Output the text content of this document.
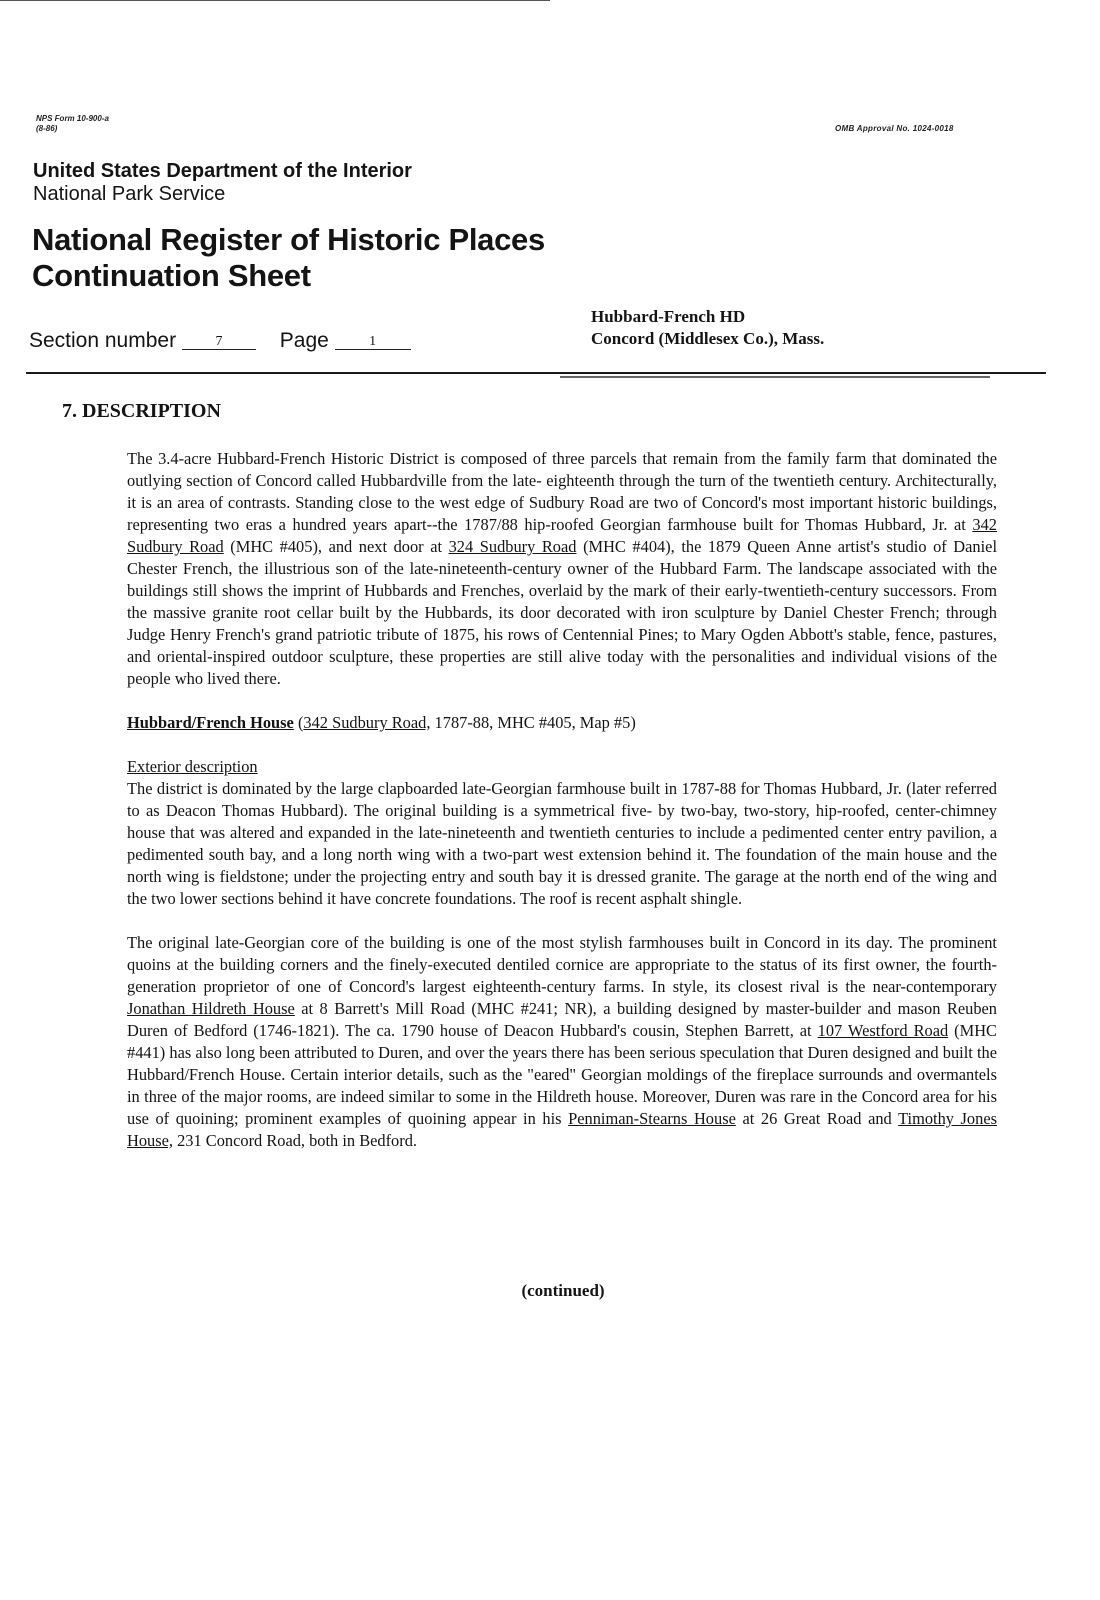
NPS Form 10-900-a
(8-86)	OMB Approval No. 1024-0018
United States Department of the Interior
National Park Service
National Register of Historic Places
Continuation Sheet
Section number	7	Page	1
Hubbard-French HD
Concord (Middlesex Co.), Mass.
7. DESCRIPTION

The 3.4-acre Hubbard-French Historic District is composed of three parcels that remain from the family farm that dominated the outlying section of Concord called Hubbardville from the late- eighteenth through the turn of the twentieth century. Architecturally, it is an area of contrasts. Standing close to the west edge of Sudbury Road are two of Concord's most important historic buildings, representing two eras a hundred years apart--the 1787/88 hip-roofed Georgian farmhouse built for Thomas Hubbard, Jr. at 342 Sudbury Road (MHC #405), and next door at 324 Sudbury Road (MHC #404), the 1879 Queen Anne artist's studio of Daniel Chester French, the illustrious son of the late-nineteenth-century owner of the Hubbard Farm. The landscape associated with the buildings still shows the imprint of Hubbards and Frenches, overlaid by the mark of their early-twentieth-century successors. From the massive granite root cellar built by the Hubbards, its door decorated with iron sculpture by Daniel Chester French; through Judge Henry French's grand patriotic tribute of 1875, his rows of Centennial Pines; to Mary Ogden Abbott's stable, fence, pastures, and oriental-inspired outdoor sculpture, these properties are still alive today with the personalities and individual visions of the people who lived there.

Hubbard/French House (342 Sudbury Road, 1787-88, MHC #405, Map #5)

Exterior description

The district is dominated by the large clapboarded late-Georgian farmhouse built in 1787-88 for Thomas Hubbard, Jr. (later referred to as Deacon Thomas Hubbard). The original building is a symmetrical five- by two-bay, two-story, hip-roofed, center-chimney house that was altered and expanded in the late-nineteenth and twentieth centuries to include a pedimented center entry pavilion, a pedimented south bay, and a long north wing with a two-part west extension behind it. The foundation of the main house and the north wing is fieldstone; under the projecting entry and south bay it is dressed granite. The garage at the north end of the wing and the two lower sections behind it have concrete foundations. The roof is recent asphalt shingle.

The original late-Georgian core of the building is one of the most stylish farmhouses built in Concord in its day. The prominent quoins at the building corners and the finely-executed dentiled cornice are appropriate to the status of its first owner, the fourth-generation proprietor of one of Concord's largest eighteenth-century farms. In style, its closest rival is the near-contemporary Jonathan Hildreth House at 8 Barrett's Mill Road (MHC #241; NR), a building designed by master-builder and mason Reuben Duren of Bedford (1746-1821). The ca. 1790 house of Deacon Hubbard's cousin, Stephen Barrett, at 107 Westford Road (MHC #441) has also long been attributed to Duren, and over the years there has been serious speculation that Duren designed and built the Hubbard/French House. Certain interior details, such as the "eared" Georgian moldings of the fireplace surrounds and overmantels in three of the major rooms, are indeed similar to some in the Hildreth house. Moreover, Duren was rare in the Concord area for his use of quoining; prominent examples of quoining appear in his Penniman-Stearns House at 26 Great Road and Timothy Jones House, 231 Concord Road, both in Bedford.

(continued)
